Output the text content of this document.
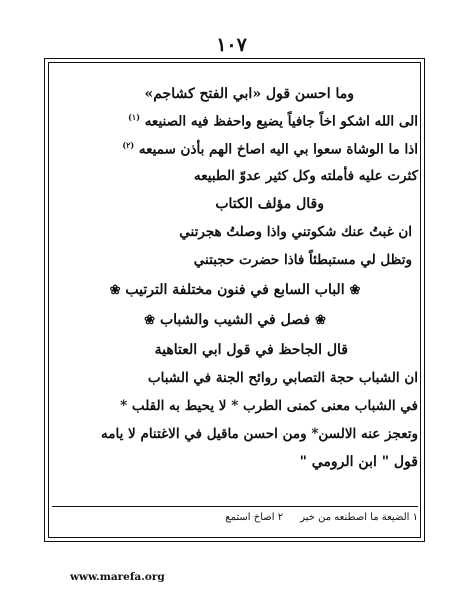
١٠٧
وما احسن قول «ابي الفتح كشاجم»
الى الله اشكو اخاً جافياً يضيع واحفظ فيه الصنيعه $^{(١)}$
اذا ما الوشاة سعوا بي اليه اصاخ الهم بأذن سميعه $^{(٢)}$
كثرت عليه فأملته وكل كثير عدوّ الطبيعه
وقال مؤلف الكتاب
ان غبتُ عنك شكوتني واذا وصلتُ هجرتني
وتظل لي مستبطئاً فاذا حضرت حجبتني
❀ الباب السابع في فنون مختلفة الترتيب ❀
❀ فصل في الشيب والشباب ❀
قال الجاحظ في قول ابي العتاهية
ان الشباب حجة التصابي روائح الجنة في الشباب
في الشباب معنى كمنى الطرب * لا يحيط به القلب *
وتعجز عنه الالسن* ومن احسن ماقيل في الاغتنام لا يامه
قول " ابن الرومي "
١ الضيعة ما اصطنعه من خير ٢ اصاخ استمع
www.marefa.org
